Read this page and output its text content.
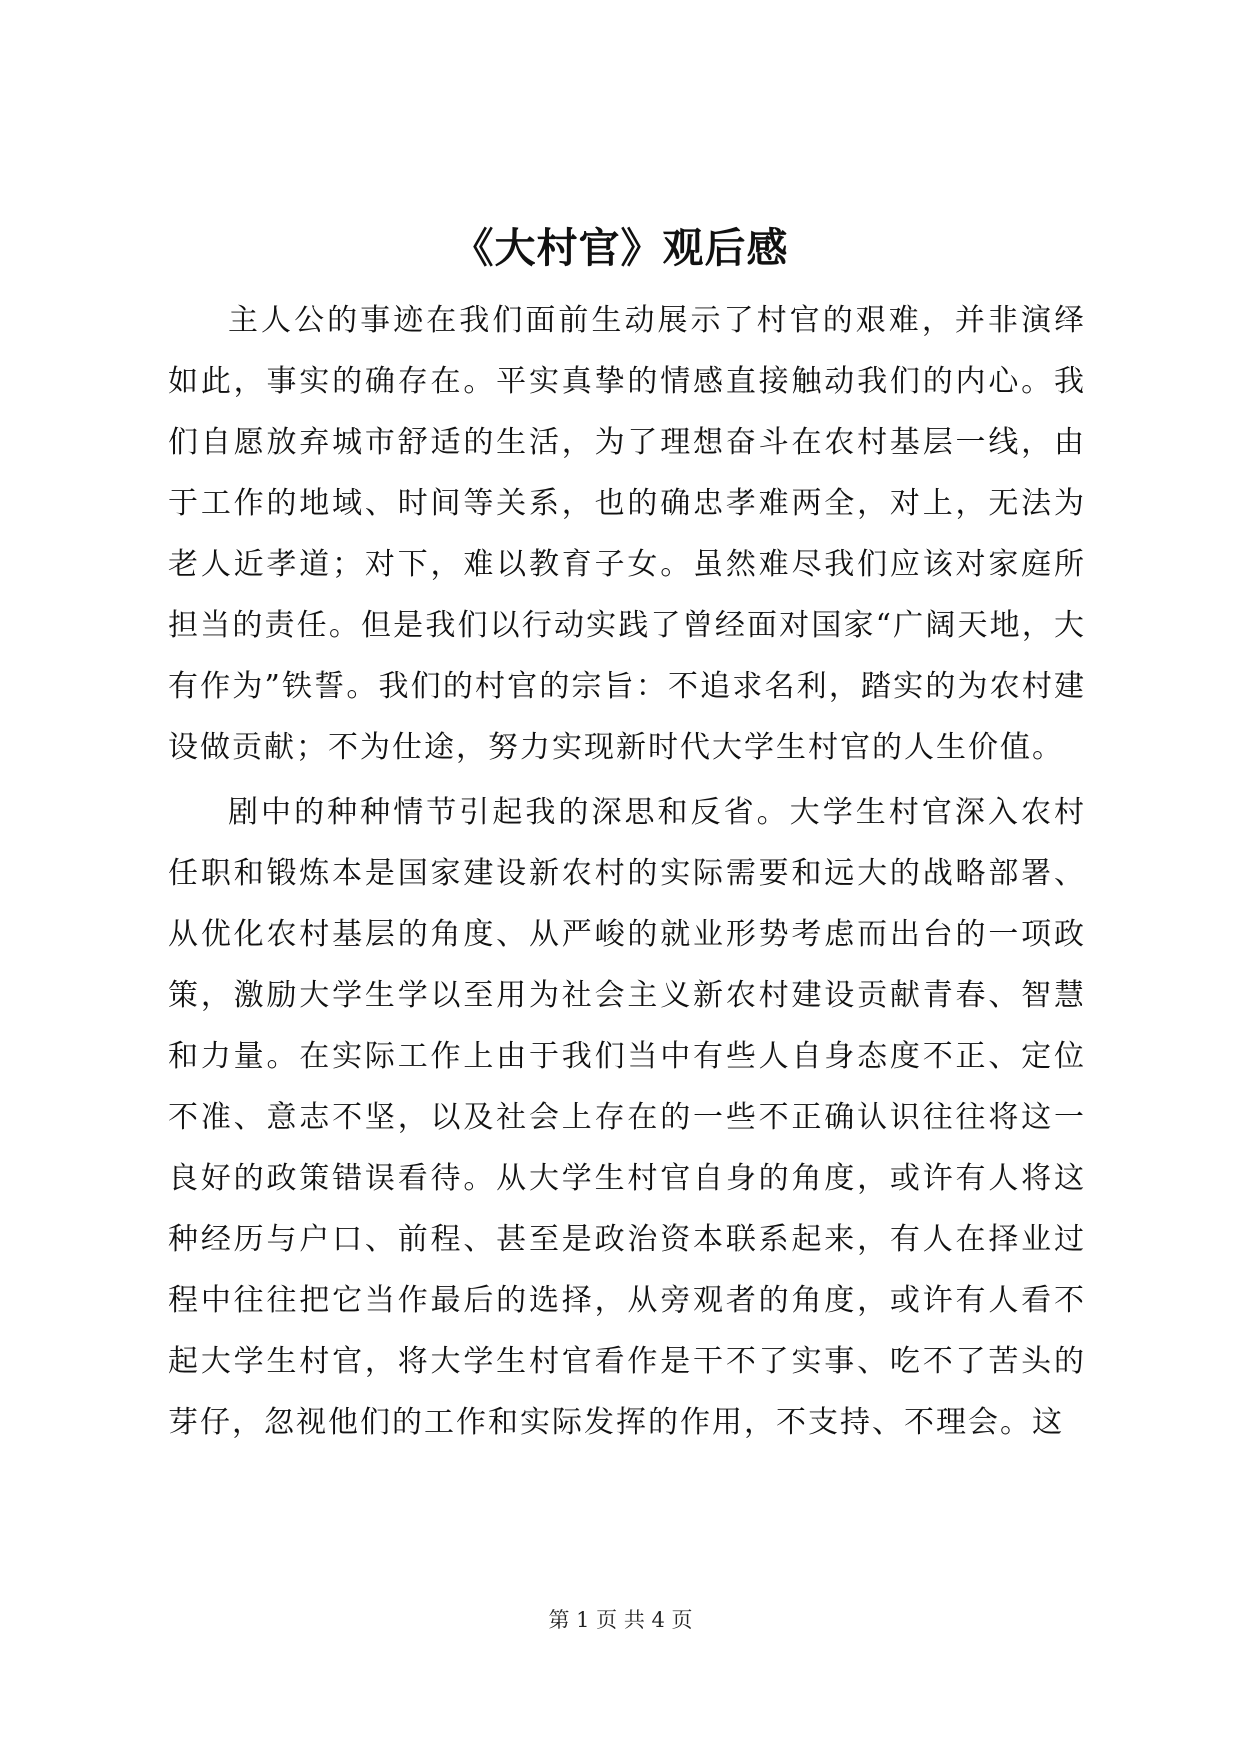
《大村官》观后感

主人公的事迹在我们面前生动展示了村官的艰难，并非演绎如此，事实的确存在。平实真挚的情感直接触动我们的内心。我们自愿放弃城市舒适的生活，为了理想奋斗在农村基层一线，由于工作的地域、时间等关系，也的确忠孝难两全，对上，无法为老人近孝道；对下，难以教育子女。虽然难尽我们应该对家庭所担当的责任。但是我们以行动实践了曾经面对国家“广阔天地，大有作为”铁誓。我们的村官的宗旨：不追求名利，踏实的为农村建设做贡献；不为仕途，努力实现新时代大学生村官的人生价值。

剧中的种种情节引起我的深思和反省。大学生村官深入农村任职和锻炼本是国家建设新农村的实际需要和远大的战略部署、从优化农村基层的角度、从严峻的就业形势考虑而出台的一项政策，激励大学生学以至用为社会主义新农村建设贡献青春、智慧和力量。在实际工作上由于我们当中有些人自身态度不正、定位不准、意志不坚，以及社会上存在的一些不正确认识往往将这一良好的政策错误看待。从大学生村官自身的角度，或许有人将这种经历与户口、前程、甚至是政治资本联系起来，有人在择业过程中往往把它当作最后的选择，从旁观者的角度，或许有人看不起大学生村官，将大学生村官看作是干不了实事、吃不了苦头的芽仔，忽视他们的工作和实际发挥的作用，不支持、不理会。这

第 1 页 共 4 页
